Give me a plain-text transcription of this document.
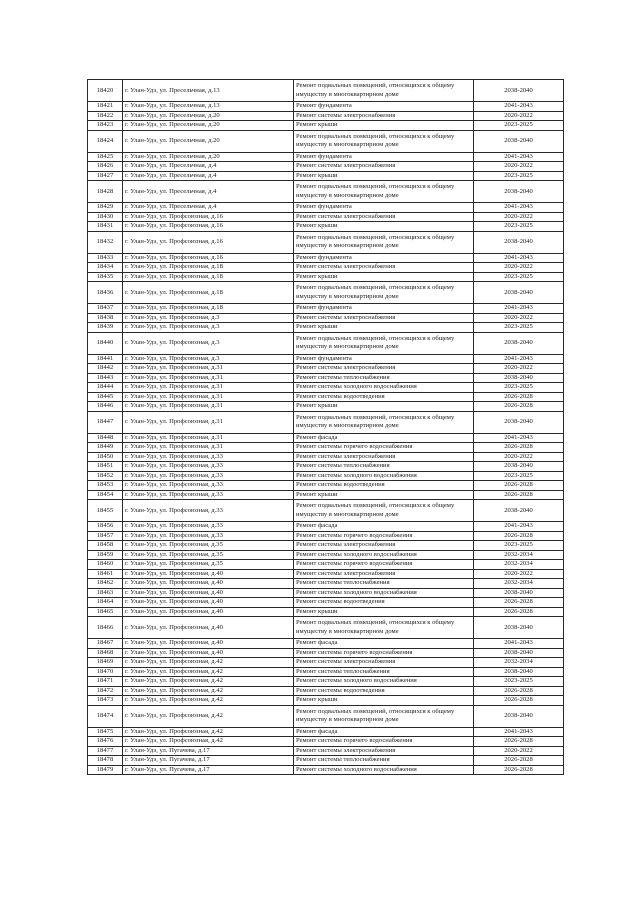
18420	г. Улан-Удэ, ул. Пресельчная, д.13	Ремонт подвальных помещений, относящихся к общему имуществу в многоквартирном доме	2038-2040
18421	г. Улан-Удэ, ул. Пресельчная, д.13	Ремонт фундамента	2041-2043
18422	г. Улан-Удэ, ул. Пресельчная, д.20	Ремонт системы электроснабжения	2020-2022
18423	г. Улан-Удэ, ул. Пресельчная, д.20	Ремонт крыши	2023-2025
18424	г. Улан-Удэ, ул. Пресельчная, д.20	Ремонт подвальных помещений, относящихся к общему имуществу в многоквартирном доме	2038-2040
18425	г. Улан-Удэ, ул. Пресельчная, д.20	Ремонт фундамента	2041-2043
18426	г. Улан-Удэ, ул. Пресельчная, д.4	Ремонт системы электроснабжения	2020-2022
18427	г. Улан-Удэ, ул. Пресельчная, д.4	Ремонт крыши	2023-2025
18428	г. Улан-Удэ, ул. Пресельчная, д.4	Ремонт подвальных помещений, относящихся к общему имуществу в многоквартирном доме	2038-2040
18429	г. Улан-Удэ, ул. Пресельчная, д.4	Ремонт фундамента	2041-2043
18430	г. Улан-Удэ, ул. Профсоюзная, д.16	Ремонт системы электроснабжения	2020-2022
18431	г. Улан-Удэ, ул. Профсоюзная, д.16	Ремонт крыши	2023-2025
18432	г. Улан-Удэ, ул. Профсоюзная, д.16	Ремонт подвальных помещений, относящихся к общему имуществу в многоквартирном доме	2038-2040
18433	г. Улан-Удэ, ул. Профсоюзная, д.16	Ремонт фундамента	2041-2043
18434	г. Улан-Удэ, ул. Профсоюзная, д.18	Ремонт системы электроснабжения	2020-2022
18435	г. Улан-Удэ, ул. Профсоюзная, д.18	Ремонт крыши	2023-2025
18436	г. Улан-Удэ, ул. Профсоюзная, д.18	Ремонт подвальных помещений, относящихся к общему имуществу в многоквартирном доме	2038-2040
18437	г. Улан-Удэ, ул. Профсоюзная, д.18	Ремонт фундамента	2041-2043
18438	г. Улан-Удэ, ул. Профсоюзная, д.3	Ремонт системы электроснабжения	2020-2022
18439	г. Улан-Удэ, ул. Профсоюзная, д.3	Ремонт крыши	2023-2025
18440	г. Улан-Удэ, ул. Профсоюзная, д.3	Ремонт подвальных помещений, относящихся к общему имуществу в многоквартирном доме	2038-2040
18441	г. Улан-Удэ, ул. Профсоюзная, д.3	Ремонт фундамента	2041-2043
18442	г. Улан-Удэ, ул. Профсоюзная, д.31	Ремонт системы электроснабжения	2020-2022
18443	г. Улан-Удэ, ул. Профсоюзная, д.31	Ремонт системы теплоснабжения	2038-2040
18444	г. Улан-Удэ, ул. Профсоюзная, д.31	Ремонт системы холодного водоснабжения	2023-2025
18445	г. Улан-Удэ, ул. Профсоюзная, д.31	Ремонт системы водоотведения	2026-2028
18446	г. Улан-Удэ, ул. Профсоюзная, д.31	Ремонт крыши	2026-2028
18447	г. Улан-Удэ, ул. Профсоюзная, д.31	Ремонт подвальных помещений, относящихся к общему имуществу в многоквартирном доме	2038-2040
18448	г. Улан-Удэ, ул. Профсоюзная, д.31	Ремонт фасада	2041-2043
18449	г. Улан-Удэ, ул. Профсоюзная, д.31	Ремонт системы горячего водоснабжения	2026-2028
18450	г. Улан-Удэ, ул. Профсоюзная, д.33	Ремонт системы электроснабжения	2020-2022
18451	г. Улан-Удэ, ул. Профсоюзная, д.33	Ремонт системы теплоснабжения	2038-2040
18452	г. Улан-Удэ, ул. Профсоюзная, д.33	Ремонт системы холодного водоснабжения	2023-2025
18453	г. Улан-Удэ, ул. Профсоюзная, д.33	Ремонт системы водоотведения	2026-2028
18454	г. Улан-Удэ, ул. Профсоюзная, д.33	Ремонт крыши	2026-2028
18455	г. Улан-Удэ, ул. Профсоюзная, д.33	Ремонт подвальных помещений, относящихся к общему имуществу в многоквартирном доме	2038-2040
18456	г. Улан-Удэ, ул. Профсоюзная, д.33	Ремонт фасада	2041-2043
18457	г. Улан-Удэ, ул. Профсоюзная, д.33	Ремонт системы горячего водоснабжения	2026-2028
18458	г. Улан-Удэ, ул. Профсоюзная, д.35	Ремонт системы электроснабжения	2023-2025
18459	г. Улан-Удэ, ул. Профсоюзная, д.35	Ремонт системы холодного водоснабжения	2032-2034
18460	г. Улан-Удэ, ул. Профсоюзная, д.35	Ремонт системы горячего водоснабжения	2032-2034
18461	г. Улан-Удэ, ул. Профсоюзная, д.40	Ремонт системы электроснабжения	2020-2022
18462	г. Улан-Удэ, ул. Профсоюзная, д.40	Ремонт системы теплоснабжения	2032-2034
18463	г. Улан-Удэ, ул. Профсоюзная, д.40	Ремонт системы холодного водоснабжения	2038-2040
18464	г. Улан-Удэ, ул. Профсоюзная, д.40	Ремонт системы водоотведения	2026-2028
18465	г. Улан-Удэ, ул. Профсоюзная, д.40	Ремонт крыши	2026-2028
18466	г. Улан-Удэ, ул. Профсоюзная, д.40	Ремонт подвальных помещений, относящихся к общему имуществу в многоквартирном доме	2038-2040
18467	г. Улан-Удэ, ул. Профсоюзная, д.40	Ремонт фасада	2041-2043
18468	г. Улан-Удэ, ул. Профсоюзная, д.40	Ремонт системы горячего водоснабжения	2038-2040
18469	г. Улан-Удэ, ул. Профсоюзная, д.42	Ремонт системы электроснабжения	2032-2034
18470	г. Улан-Удэ, ул. Профсоюзная, д.42	Ремонт системы теплоснабжения	2038-2040
18471	г. Улан-Удэ, ул. Профсоюзная, д.42	Ремонт системы холодного водоснабжения	2023-2025
18472	г. Улан-Удэ, ул. Профсоюзная, д.42	Ремонт системы водоотведения	2026-2028
18473	г. Улан-Удэ, ул. Профсоюзная, д.42	Ремонт крыши	2026-2028
18474	г. Улан-Удэ, ул. Профсоюзная, д.42	Ремонт подвальных помещений, относящихся к общему имуществу в многоквартирном доме	2038-2040
18475	г. Улан-Удэ, ул. Профсоюзная, д.42	Ремонт фасада	2041-2043
18476	г. Улан-Удэ, ул. Профсоюзная, д.42	Ремонт системы горячего водоснабжения	2026-2028
18477	г. Улан-Удэ, ул. Пугачева, д.17	Ремонт системы электроснабжения	2020-2022
18478	г. Улан-Удэ, ул. Пугачева, д.17	Ремонт системы теплоснабжения	2026-2028
18479	г. Улан-Удэ, ул. Пугачева, д.17	Ремонт системы холодного водоснабжения	2026-2028
